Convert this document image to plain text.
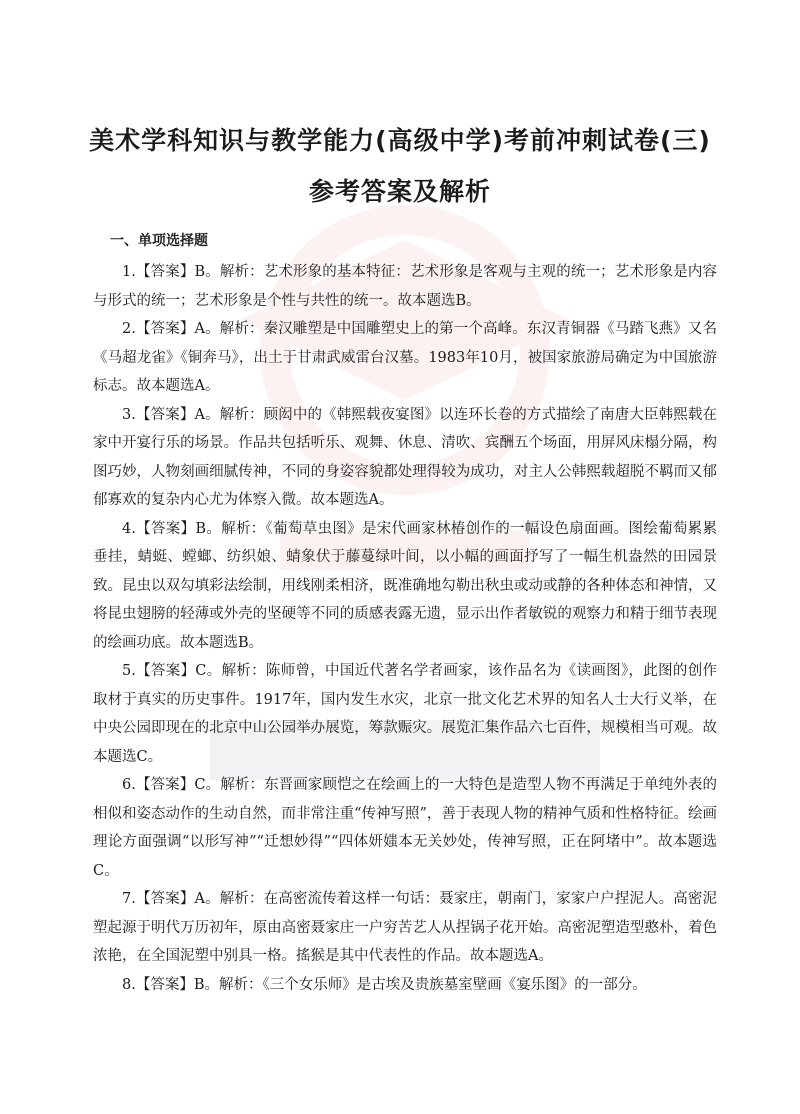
美术学科知识与教学能力(高级中学)考前冲刺试卷(三)
参考答案及解析
一、单项选择题

1.【答案】B。解析：艺术形象的基本特征：艺术形象是客观与主观的统一；艺术形象是内容与形式的统一；艺术形象是个性与共性的统一。故本题选B。

2.【答案】A。解析：秦汉雕塑是中国雕塑史上的第一个高峰。东汉青铜器《马踏飞燕》又名《马超龙雀》《铜奔马》，出土于甘肃武威雷台汉墓。1983年10月，被国家旅游局确定为中国旅游标志。故本题选A。

3.【答案】A。解析：顾闳中的《韩熙载夜宴图》以连环长卷的方式描绘了南唐大臣韩熙载在家中开宴行乐的场景。作品共包括听乐、观舞、休息、清吹、宾酬五个场面，用屏风床榻分隔，构图巧妙，人物刻画细腻传神，不同的身姿容貌都处理得较为成功，对主人公韩熙载超脱不羁而又郁郁寡欢的复杂内心尤为体察入微。故本题选A。

4.【答案】B。解析：《葡萄草虫图》是宋代画家林椿创作的一幅设色扇面画。图绘葡萄累累垂挂，蜻蜓、螳螂、纺织娘、蜻象伏于藤蔓绿叶间，以小幅的画面抒写了一幅生机盎然的田园景致。昆虫以双勾填彩法绘制，用线刚柔相济，既准确地勾勒出秋虫或动或静的各种体态和神情，又将昆虫翅膀的轻薄或外壳的坚硬等不同的质感表露无遗，显示出作者敏锐的观察力和精于细节表现的绘画功底。故本题选B。

5.【答案】C。解析：陈师曾，中国近代著名学者画家，该作品名为《读画图》，此图的创作取材于真实的历史事件。1917年，国内发生水灾，北京一批文化艺术界的知名人士大行义举，在中央公园即现在的北京中山公园举办展览，筹款赈灾。展览汇集作品六七百件，规模相当可观。故本题选C。

6.【答案】C。解析：东晋画家顾恺之在绘画上的一大特色是造型人物不再满足于单纯外表的相似和姿态动作的生动自然，而非常注重“传神写照”，善于表现人物的精神气质和性格特征。绘画理论方面强调“以形写神”“迁想妙得”“四体妍媸本无关妙处，传神写照，正在阿堵中”。故本题选C。

7.【答案】A。解析：在高密流传着这样一句话：聂家庄，朝南门，家家户户捏泥人。高密泥塑起源于明代万历初年，原由高密聂家庄一户穷苦艺人从捏锅子花开始。高密泥塑造型憨朴，着色浓艳，在全国泥塑中别具一格。搖猴是其中代表性的作品。故本题选A。

8.【答案】B。解析：《三个女乐师》是古埃及贵族墓室壁画《宴乐图》的一部分。
